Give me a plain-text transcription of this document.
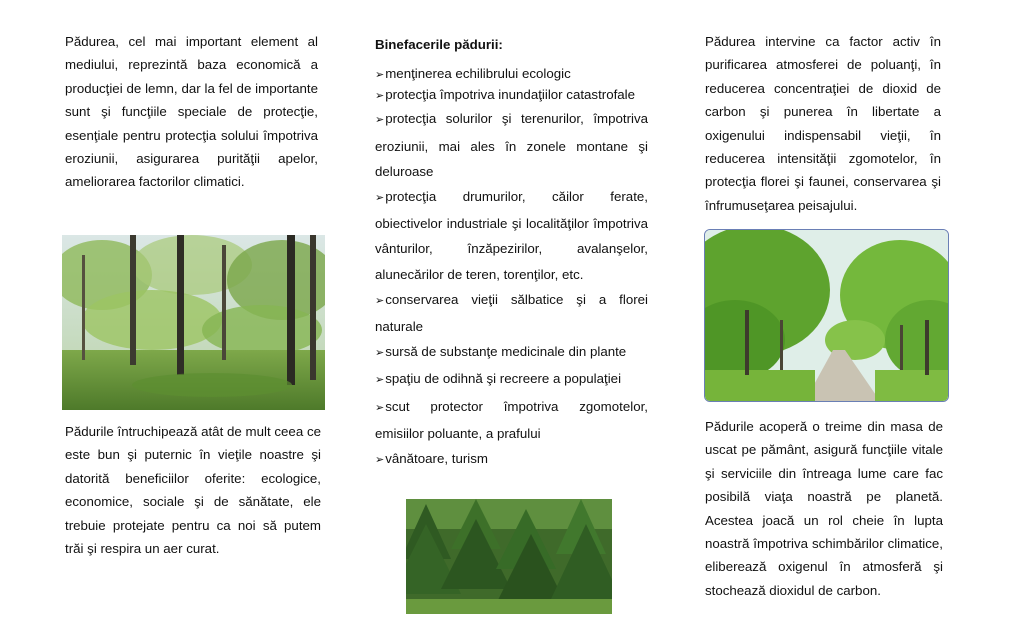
Pădurea, cel mai important element al mediului, reprezintă baza economică a producţiei de lemn, dar la fel de importante sunt şi funcţiile speciale de protecţie, esenţiale pentru protecţia solului împotriva eroziunii, asigurarea purităţii apelor, ameliorarea factorilor climatici.

Pădurile întruchipează atât de mult ceea ce este bun şi puternic în vieţile noastre şi datorită beneficiilor oferite: ecologice, economice, sociale şi de sănătate, ele trebuie protejate pentru ca noi să putem trăi şi respira un aer curat.

Binefacerile pădurii:
➢menţinerea echilibrului ecologic
➢protecţia împotriva inundaţiilor catastrofale
➢protecţia solurilor şi terenurilor, împotriva eroziunii, mai ales în zonele montane şi deluroase
➢protecţia drumurilor, căilor ferate, obiectivelor industriale şi localităţilor împotriva vânturilor, înzăpezirilor, avalanşelor, alunecărilor de teren, torenţilor, etc.
➢conservarea vieţii sălbatice şi a florei naturale
➢sursă de substanţe medicinale din plante
➢spaţiu de odihnă şi recreere a populaţiei
➢scut protector împotriva zgomotelor, emisiilor poluante, a prafului
➢vânătoare, turism

Pădurea intervine ca factor activ în purificarea atmosferei de poluanţi, în reducerea concentraţiei de dioxid de carbon şi punerea în libertate a oxigenului indispensabil vieţii, în reducerea intensităţii zgomotelor, în protecţia florei şi faunei, conservarea şi înfrumuseţarea peisajului.

Pădurile acoperă o treime din masa de uscat pe pământ, asigură funcţiile vitale şi serviciile din întreaga lume care fac posibilă viaţa noastră pe planetă. Acestea joacă un rol cheie în lupta noastră împotriva schimbărilor climatice, eliberează oxigenul în atmosferă şi stochează dioxidul de carbon.
